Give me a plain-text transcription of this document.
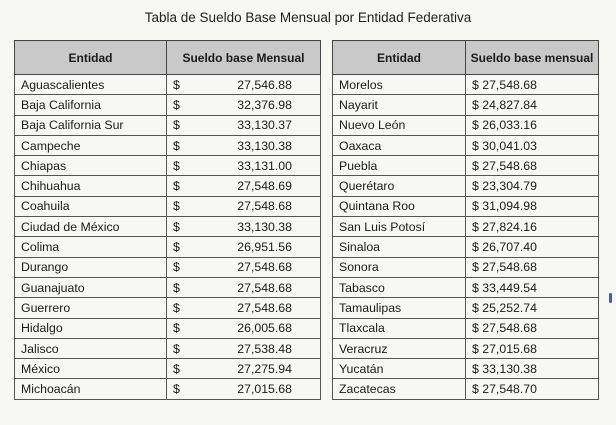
Tabla de Sueldo Base Mensual por Entidad Federativa
Entidad	Sueldo base Mensual
Aguascalientes	$ 27,546.88

Baja California	$ 32,376.98

Baja California Sur	$ 33,130.37

Campeche	$ 33,130.38

Chiapas	$ 33,131.00

Chihuahua	$ 27,548.69

Coahuila	$ 27,548.68

Ciudad de México	$ 33,130.38

Colima	$ 26,951.56

Durango	$ 27,548.68

Guanajuato	$ 27,548.68

Guerrero	$ 27,548.68

Hidalgo	$ 26,005.68

Jalisco	$ 27,538.48

México	$ 27,275.94

Michoacán	$ 27,015.68
Entidad	Sueldo base mensual
Morelos	$ 27,548.68
Nayarit	$ 24,827.84
Nuevo León	$ 26,033.16
Oaxaca	$ 30,041.03
Puebla	$ 27,548.68
Querétaro	$ 23,304.79
Quintana Roo	$ 31,094.98
San Luis Potosí	$ 27,824.16
Sinaloa	$ 26,707.40
Sonora	$ 27,548.68
Tabasco	$ 33,449.54
Tamaulipas	$ 25,252.74
Tlaxcala	$ 27,548.68
Veracruz	$ 27,015.68
Yucatán	$ 33,130.38
Zacatecas	$ 27,548.70
